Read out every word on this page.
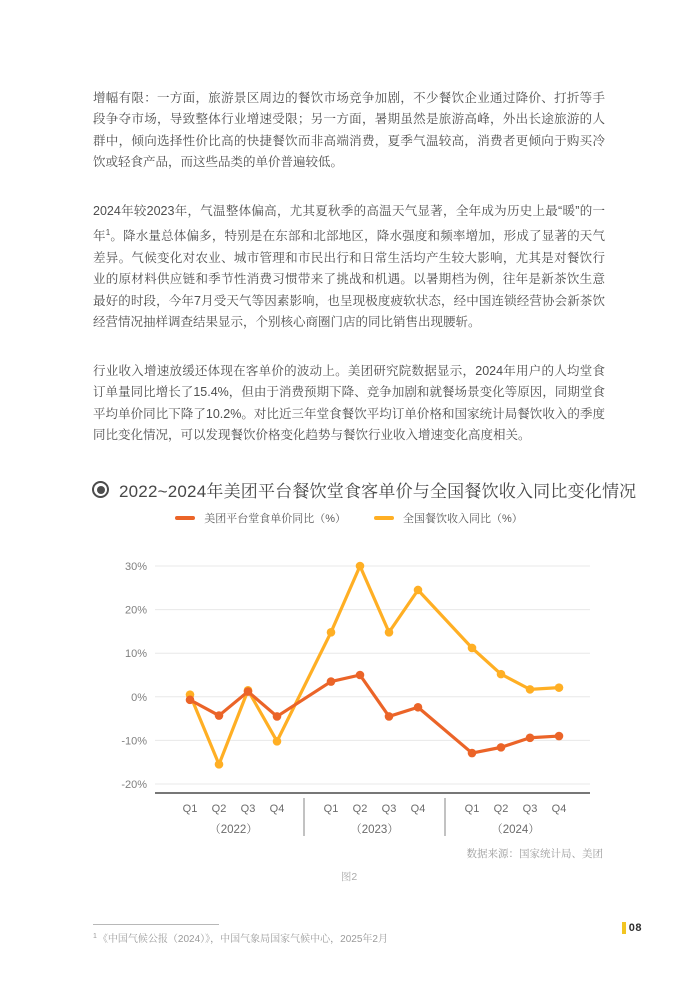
增幅有限：一方面，旅游景区周边的餐饮市场竞争加剧，不少餐饮企业通过降价、打折等手段争夺市场，导致整体行业增速受限；另一方面，暑期虽然是旅游高峰，外出长途旅游的人群中，倾向选择性价比高的快捷餐饮而非高端消费，夏季气温较高，消费者更倾向于购买冷饮或轻食产品，而这些品类的单价普遍较低。

2024年较2023年，气温整体偏高，尤其夏秋季的高温天气显著，全年成为历史上最“暖”的一年$^1$。降水量总体偏多，特别是在东部和北部地区，降水强度和频率增加，形成了显著的天气差异。气候变化对农业、城市管理和市民出行和日常生活均产生较大影响，尤其是对餐饮行业的原材料供应链和季节性消费习惯带来了挑战和机遇。以暑期档为例，往年是新茶饮生意最好的时段，今年7月受天气等因素影响，也呈现极度疲软状态，经中国连锁经营协会新茶饮经营情况抽样调查结果显示，个别核心商圈门店的同比销售出现腰斩。

行业收入增速放缓还体现在客单价的波动上。美团研究院数据显示，2024年用户的人均堂食订单量同比增长了15.4%，但由于消费预期下降、竞争加剧和就餐场景变化等原因，同期堂食平均单价同比下降了10.2%。对比近三年堂食餐饮平均订单价格和国家统计局餐饮收入的季度同比变化情况，可以发现餐饮价格变化趋势与餐饮行业收入增速变化高度相关。

2022~2024年美团平台餐饮堂食客单价与全国餐饮收入同比变化情况
美团平台堂食单价同比（%）	全国餐饮收入同比（%）
30%
20%
10%
0%
-10%
-20%
Q1 Q2 Q3 Q4
（2022）
Q1 Q2 Q3 Q4
（2023）
Q1 Q2 Q3 Q4
（2024）
数据来源：国家统计局、美团
图2

$^1$《中国气候公报（2024）》，中国气象局国家气候中心，2025年2月

08
